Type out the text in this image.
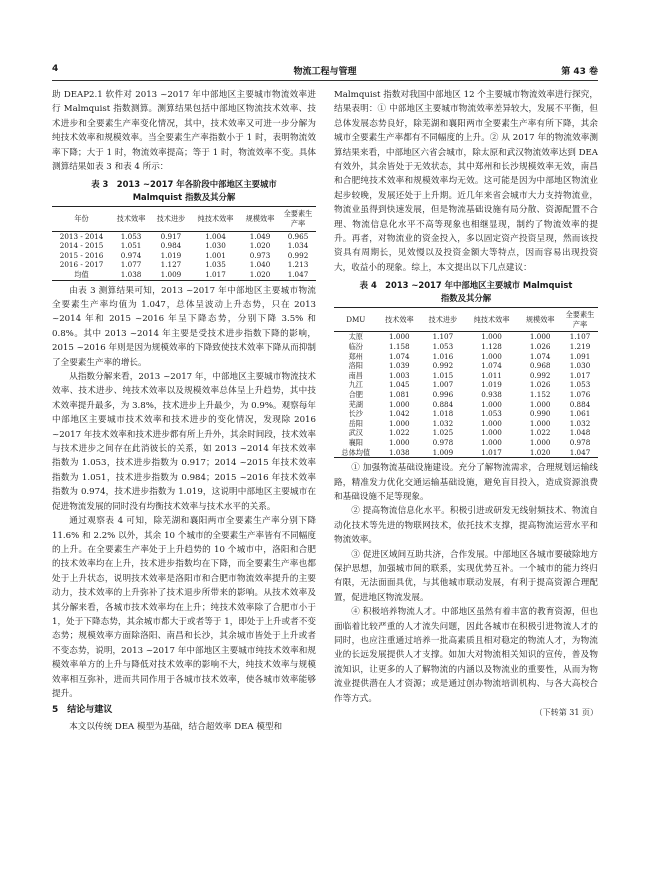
4	物流工程与管理	第 43 卷

助 DEAP2.1 软件对 2013 ~2017 年中部地区主要城市物流效率进行 Malmquist 指数测算。测算结果包括中部地区物流技术效率、技术进步和全要素生产率变化情况，其中，技术效率又可进一步分解为纯技术效率和规模效率。当全要素生产率指数小于 1 时，表明物流效率下降；大于 1 时，物流效率提高；等于 1 时，物流效率不变。具体测算结果如表 3 和表 4 所示：

表 3　2013 ~2017 年各阶段中部地区主要城市
Malmquist 指数及其分解
年份	技术效率	技术进步	纯技术效率	规模效率	全要素生产率
2013 - 2014	1.053	0.917	1.004	1.049	0.965
2014 - 2015	1.051	0.984	1.030	1.020	1.034
2015 - 2016	0.974	1.019	1.001	0.973	0.992
2016 - 2017	1.077	1.127	1.035	1.040	1.213
均值	1.038	1.009	1.017	1.020	1.047

由表 3 测算结果可知，2013 ~2017 年中部地区主要城市物流全要素生产率均值为 1.047，总体呈波动上升态势，只在 2013 ~2014 年和 2015 ~2016 年呈下降态势，分别下降 3.5% 和 0.8%。其中 2013 ~2014 年主要是受技术进步指数下降的影响，2015 ~2016 年则是因为规模效率的下降致使技术效率下降从而抑制了全要素生产率的增长。

从指数分解来看，2013 ~2017 年，中部地区主要城市物流技术效率、技术进步、纯技术效率以及规模效率总体呈上升趋势，其中技术效率提升最多，为 3.8%，技术进步上升最少，为 0.9%。观察每年中部地区主要城市技术效率和技术进步的变化情况，发现除 2016 ~2017 年技术效率和技术进步都有所上升外，其余时间段，技术效率与技术进步之间存在此消彼长的关系，如 2013 ~2014 年技术效率指数为 1.053，技术进步指数为 0.917；2014 ~2015 年技术效率指数为 1.051，技术进步指数为 0.984；2015 ~2016 年技术效率指数为 0.974，技术进步指数为 1.019，这说明中部地区主要城市在促进物流发展的同时没有均衡技术效率与技术水平的关系。

通过观察表 4 可知，除芜湖和襄阳两市全要素生产率分别下降 11.6% 和 2.2% 以外，其余 10 个城市的全要素生产率皆有不同幅度的上升。在全要素生产率处于上升趋势的 10 个城市中，洛阳和合肥的技术效率均在上升，技术进步指数均在下降，而全要素生产率也都处于上升状态，说明技术效率是洛阳市和合肥市物流效率提升的主要动力，技术效率的上升弥补了技术退步所带来的影响。从技术效率及其分解来看，各城市技术效率均在上升；纯技术效率除了合肥市小于 1，处于下降态势，其余城市都大于或者等于 1，即处于上升或者不变态势；规模效率方面除洛阳、南昌和长沙，其余城市皆处于上升或者不变态势，说明，2013 ~2017 年中部地区主要城市纯技术效率和规模效率单方的上升与降低对技术效率的影响不大，纯技术效率与规模效率相互弥补，进而共同作用于各城市技术效率，使各城市效率能够提升。

5　结论与建议

本文以传统 DEA 模型为基础，结合超效率 DEA 模型和

Malmquist 指数对我国中部地区 12 个主要城市物流效率进行探究，结果表明：① 中部地区主要城市物流效率差异较大，发展不平衡，但总体发展态势良好，除芜湖和襄阳两市全要素生产率有所下降，其余城市全要素生产率都有不同幅度的上升。② 从 2017 年的物流效率测算结果来看，中部地区六省会城市，除太原和武汉物流效率达到 DEA 有效外，其余皆处于无效状态，其中郑州和长沙规模效率无效，南昌和合肥纯技术效率和规模效率均无效。这可能是因为中部地区物流业起步较晚，发展还处于上升期。近几年来省会城市大力支持物流业，物流业虽得到快速发展，但是物流基础设施有局分散、资源配置不合理、物流信息化水平不高等现象也相继显现，制约了物流效率的提升。再者，对物流业的资金投入，多以固定资产投资呈现，然而该投资具有周期长，见效慢以及投资金额大等特点，因而容易出现投资大，收益小的现象。综上，本文提出以下几点建议：

表 4　2013 ~2017 年中部地区主要城市 Malmquist
指数及其分解
DMU	技术效率	技术进步	纯技术效率	规模效率	全要素生产率
太原	1.000	1.107	1.000	1.000	1.107
临汾	1.158	1.053	1.128	1.026	1.219
郑州	1.074	1.016	1.000	1.074	1.091
洛阳	1.039	0.992	1.074	0.968	1.030
南昌	1.003	1.015	1.011	0.992	1.017
九江	1.045	1.007	1.019	1.026	1.053
合肥	1.081	0.996	0.938	1.152	1.076
芜湖	1.000	0.884	1.000	1.000	0.884
长沙	1.042	1.018	1.053	0.990	1.061
岳阳	1.000	1.032	1.000	1.000	1.032
武汉	1.022	1.025	1.000	1.022	1.048
襄阳	1.000	0.978	1.000	1.000	0.978
总体均值	1.038	1.009	1.017	1.020	1.047

① 加强物流基础设施建设。充分了解物流需求，合理规划运输线路，精准发力优化交通运输基础设施，避免盲目投入，造成资源浪费和基础设施不足等现象。

② 提高物流信息化水平。积极引进或研发无线射频技术、物流自动化技术等先进的物联网技术，依托技术支撑，提高物流运营水平和物流效率。

③ 促进区域间互助共济，合作发展。中部地区各城市要破除地方保护思想，加强城市间的联系，实现优势互补。一个城市的能力终归有限，无法面面具优，与其他城市联动发展，有利于提高资源合理配置，促进地区物流发展。

④ 积极培养物流人才。中部地区虽然有着丰富的教育资源，但也面临着比较严重的人才流失问题，因此各城市在积极引进物流人才的同时，也应注重通过培养一批高素质且相对稳定的物流人才，为物流业的长远发展提供人才支撑。如加大对物流相关知识的宣传，普及物流知识，让更多的人了解物流的内涵以及物流业的重要性，从而为物流业提供潜在人才资源；或是通过创办物流培训机构、与各大高校合作等方式。

（下转第 31 页）
